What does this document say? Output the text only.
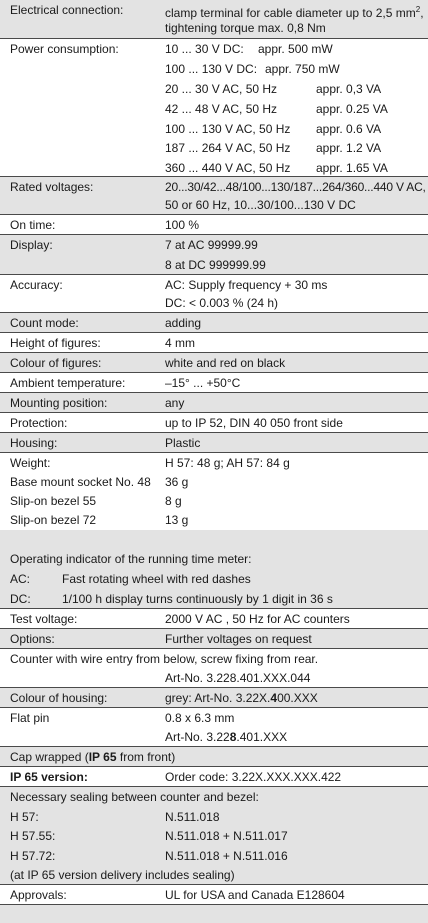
Electrical connection:	clamp terminal for cable diameter up to 2,5 $mm^2$,
tightening torque max. 0,8 Nm
Power consumption:	10 ... 30 V DC: appr. 500 mW
100 ... 130 V DC: appr. 750 mW
20 ... 30 V AC, 50 Hz	appr. 0,3 VA
42 ... 48 V AC, 50 Hz	appr. 0.25 VA
100 ... 130 V AC, 50 Hz appr. 0.6 VA
187 ... 264 V AC, 50 Hz appr. 1.2 VA
360 ... 440 V AC, 50 Hz appr. 1.65 VA
Rated voltages:	20...30/42...48/100...130/187...264/360...440 V AC,
50 or 60 Hz, 10...30/100...130 V DC
On time:	100 %
Display:	7 at AC 99999.99
8 at DC 999999.99
Accuracy:	AC: Supply frequency + 30 ms
DC: < 0.003 % (24 h)
Count mode:	adding
Height of figures:	4 mm
Colour of figures:	white and red on black
Ambient temperature:	–15° ... +50°C
Mounting position:	any
Protection:	up to IP 52, DIN 40 050 front side
Housing:	Plastic
Weight:	H 57: 48 g; AH 57: 84 g
Base mount socket No. 48 36 g
Slip-on bezel 55	8 g
Slip-on bezel 72	13 g
Operating indicator of the running time meter:
AC:	Fast rotating wheel with red dashes
DC:	1/100 h display turns continuously by 1 digit in 36 s
Test voltage:	2000 V AC , 50 Hz for AC counters
Options:	Further voltages on request
Counter with wire entry from below, screw fixing from rear.
Art-No. 3.228.401.XXX.044
Colour of housing:	grey: Art-No. 3.22X.400.XXX
Flat pin	0.8 x 6.3 mm
Art-No. 3.228.401.XXX
Cap wrapped (IP 65 from front)
IP 65 version:	Order code: 3.22X.XXX.XXX.422
Necessary sealing between counter and bezel:
H 57:	N.511.018
H 57.55:	N.511.018 + N.511.017
H 57.72:	N.511.018 + N.511.016
(at IP 65 version delivery includes sealing)
Approvals:	UL for USA and Canada E128604
